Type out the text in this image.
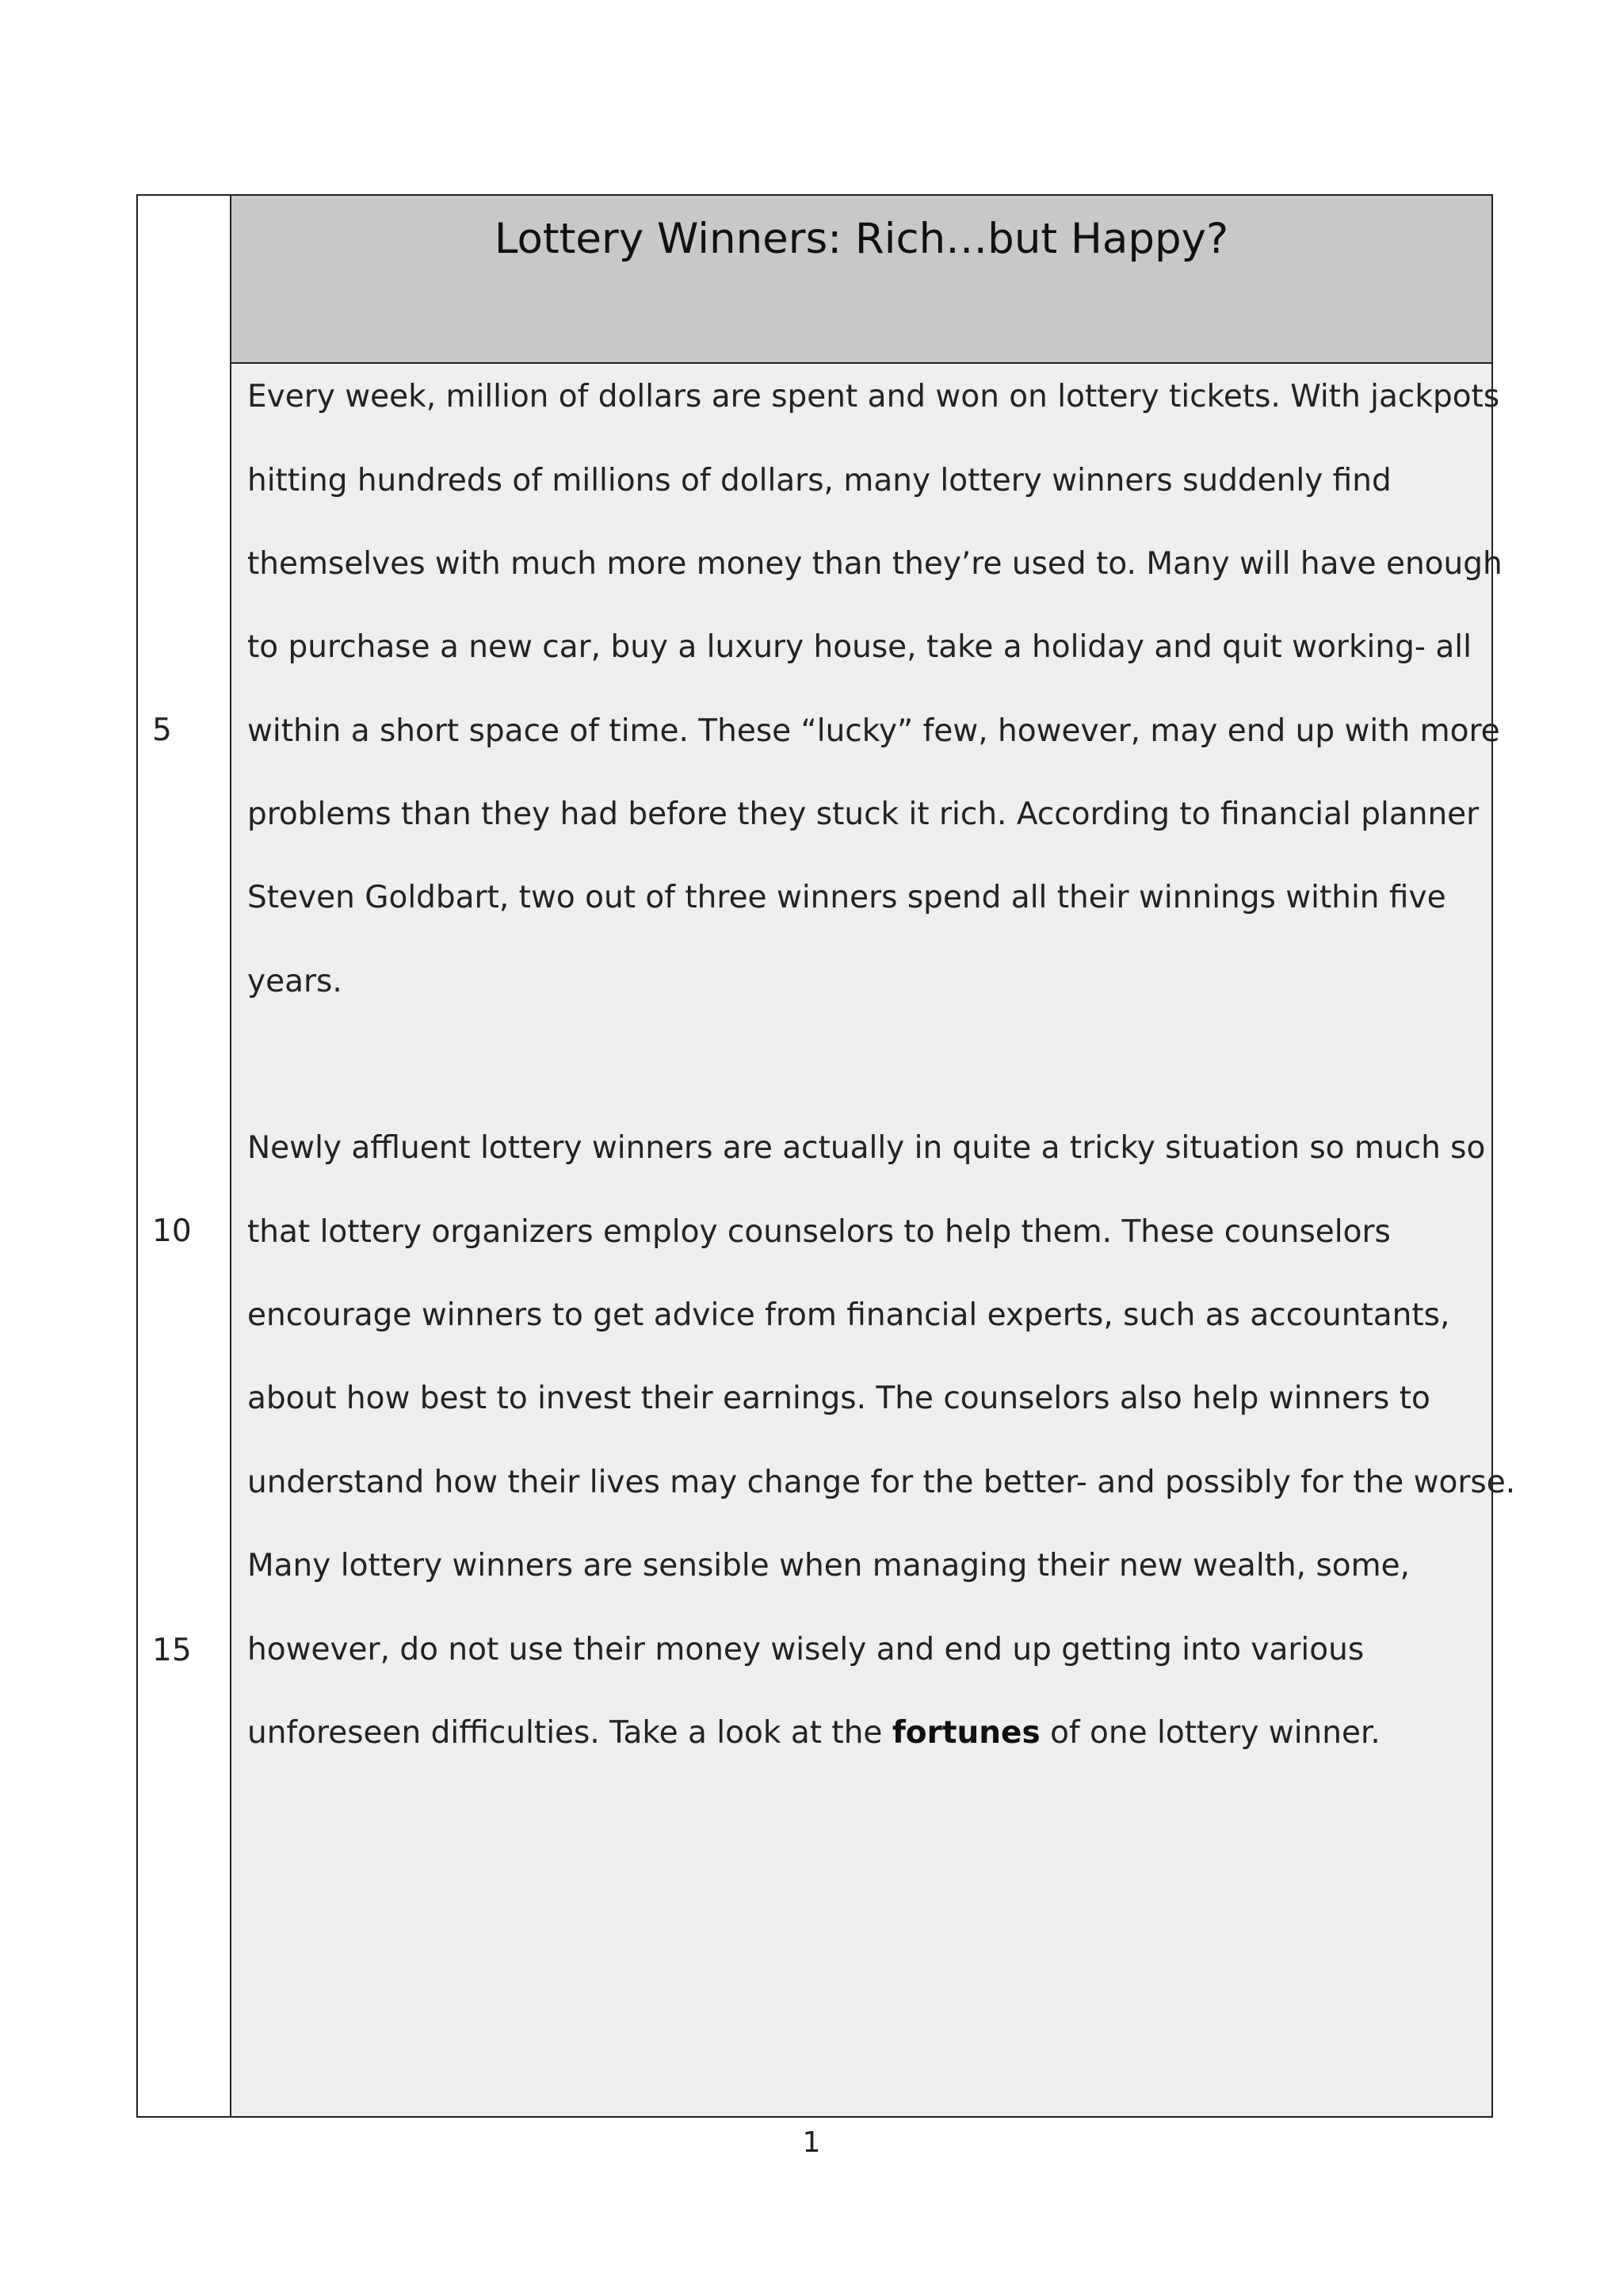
5
10
15
Lottery Winners: Rich…but Happy?
Every week, million of dollars are spent and won on lottery tickets. With jackpots
hitting hundreds of millions of dollars, many lottery winners suddenly find
themselves with much more money than they’re used to. Many will have enough
to purchase a new car, buy a luxury house, take a holiday and quit working- all
within a short space of time. These “lucky” few, however, may end up with more
problems than they had before they stuck it rich. According to financial planner
Steven Goldbart, two out of three winners spend all their winnings within five
years.
Newly affluent lottery winners are actually in quite a tricky situation so much so
that lottery organizers employ counselors to help them. These counselors
encourage winners to get advice from financial experts, such as accountants,
about how best to invest their earnings. The counselors also help winners to
understand how their lives may change for the better- and possibly for the worse.
Many lottery winners are sensible when managing their new wealth, some,
however, do not use their money wisely and end up getting into various
unforeseen difficulties. Take a look at the fortunes of one lottery winner.
1
